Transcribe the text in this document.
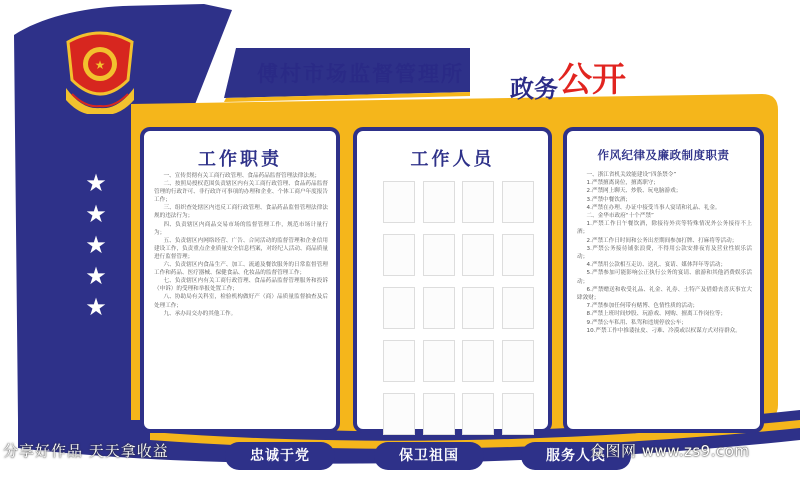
★	傅村市场监督管理所
政务公开
★
★
★
★
★
工作职责

一、宣传贯彻有关工商行政管理、食品药品监督管理法律法规；

二、按照局授权范围负责辖区内有关工商行政管理、食品药品监督管理的行政许可、非行政许可事项的办理和企业、个体工商户年度报告工作；

三、组织查处辖区内违反工商行政管理、食品药品监督管理法律法规的违法行为；

四、负责辖区内商品交易市场的监督管理工作，规范市场计量行为；

五、负责辖区内网络经营、广告、合同活动的监督管理和企业信用建设工作，负责重点企业质量安全信息档案，对经纪人活动、商品质量进行监督管理；

六、负责辖区内食品生产、加工、流通及餐饮服务的日常监督管理工作和药品、医疗器械、保健食品、化妆品的监督管理工作；

七、负责辖区内有关工商行政管理、食品药品监督管理服务和投诉（申诉）的受理和举报处置工作；

八、协助局有关科室，检验机构做好产（商）品质量监督抽查及后处理工作；

九、承办局交办的其他工作。

工作人员	作风纪律及廉政制度职责

一、浙江省机关效能建设“四条禁令”

1.严禁擅离岗位，擅离职守；

2.严禁网上聊天、炒股、玩电脑游戏；

3.严禁中餐饮酒；

4.严禁在办理、办证中接受当事人宴请和礼品、礼金。

二、金华市政府“十个严禁”

1.严禁工作日午餐饮酒，除接待外宾等特殊情况外公务接待不上酒；

2.严禁工作日时间和公务出差期间参加打牌、打麻将等活动；

3.严禁公务接待铺张浪费，不得用公款安排夜宵及营业性娱乐活动；

4.严禁用公款相互走访、送礼、宴请、媒体拜年等活动；

5.严禁参加可能影响公正执行公务的宴请、旅游和其他消费娱乐活动；

6.严禁赠送和收受礼品、礼金、礼券、土特产及借婚丧喜庆事宜大肆敛财；

7.严禁参加任何带有赌博、色情性质的活动；

8.严禁上班时间炒股、玩游戏、网购、擅离工作岗位等；

9.严禁公车私用、私驾和违规停放公车；

10.严禁工作中推诿扯皮、刁难、冷漠或以权谋方式对待群众。

忠诚于党	保卫祖国	服务人民
分享好作品 天天拿收益	众图网 www.zs9.com
